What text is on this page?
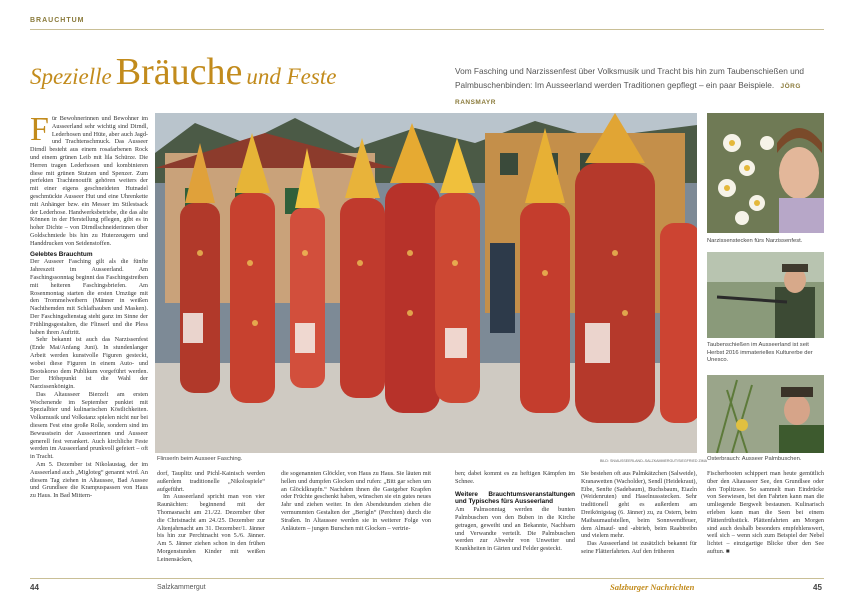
BRAUCHTUM
Spezielle Bräuche und Feste	Vom Fasching und Narzissenfest über Volksmusik und Tracht bis hin zum Taubenschießen und Palmbuschenbinden: Im Ausseerland werden Traditionen gepflegt – ein paar Beispiele. JÖRG RANSMAYR
F ür Bewohnerinnen und Bewohner im Ausseerland sehr wichtig sind Dirndl, Lederhosen und Hüte, aber auch Jagd- und Trachtenschmuck. Das Ausseer Dirndl besteht aus einem rosafarbenen Rock und einem grünen Leib mit lila Schürze. Die Herren tragen Lederhosen und kombinieren diese mit grünen Stutzen und Spenzer. Zum perfekten Trachtenoutfit gehören weiters der mit einer eigens geschneideten Hutnadel geschmückte Ausseer Hut und eine Uhrenkette mit Anhänger bzw. ein Messer im Stilestsack der Lederhose. Handwerksbetriebe, die das alte Können in der Herstellung pflegen, gibt es in hoher Dichte – von Dirndlschneiderinnen über Goldschmiede bis hin zu Huterzeugern und Handdrucken von Seidenstoffen.

Gelebtes Brauchtum

Der Ausseer Fasching gilt als die fünfte Jahreszeit im Ausseerland. Am Faschingssonntag beginnt das Faschingstreiben mit heiteren Faschingsbriefen. Am Rosenmontag starten die ersten Umzüge mit den Trommelweibern (Männer in weißen Nachthemden mit Schlafhauben und Masken). Der Faschingsdienstag steht ganz im Sinne der Frühlingsgestalten, die Flinserl und die Pless haben ihren Auftritt.

Sehr bekannt ist auch das Narzissenfest (Ende Mai/Anfang Juni). In stundenlanger Arbeit werden kunstvolle Figuren gesteckt, wobei diese Figuren in einem Auto- und Bootskorso dem Publikum vorgeführt werden. Der Höhepunkt ist die Wahl der Narzissenkönigin.

Das Altausseer Bierzelt am ersten Wochenende im September punktet mit Spezialbier und kulinarischen Köstlichkeiten. Volksmusik und Volkstanz spielen nicht nur bei diesem Fest eine große Rolle, sondern sind im Bewusstsein der Ausseerinnen und Ausseer generell fest verankert. Auch kirchliche Feste werden im Ausseerland prunkvoll gefeiert – oft in Tracht.

Am 5. Dezember ist Nikolaustag, der im Ausseerland auch „Migloteg“ genannt wird. An diesem Tag ziehen in Altaussee, Bad Aussee und Grundlsee die Krampuspassen von Haus zu Haus. In Bad Mittern-

Flinserln beim Ausseer Fasching.	BILD: SN/AUSSEERLAND–SALZKAMMERGUT/SIEGFRIED ZIMA
Narzissenstecken fürs Narzissenfest.
Taubenschießen im Ausseerland ist seit Herbst 2016 immaterielles Kulturerbe der Unesco.
Osterbrauch: Ausseer Palmbuschen.

dorf, Tauplitz und Pichl-Kainisch werden außerdem traditionelle „Nikolospiele“ aufgeführt.

Im Ausseerland spricht man von vier Raunächten: beginnend mit der Thomasnacht am 21./22. Dezember über die Christnacht am 24./25. Dezember zur Altenjahrnacht am 31. Dezember/1. Jänner bis hin zur Perchtnacht von 5./6. Jänner. Am 5. Jänner ziehen schon in den frühen Morgenstunden Kinder mit weißen Leinensäcken,

die sogenannten Glöckler, von Haus zu Haus. Sie läuten mit hellen und dumpfen Glocken und rufen: „Bitt gar schen um an Glöcklkrapfn.“ Nachdem ihnen die Gastgeber Krapfen oder Früchte geschenkt haben, wünschen sie ein gutes neues Jahr und ziehen weiter. In den Abendstunden ziehen die vermummten Gestalten der „Berigln“ (Perchten) durch die Straßen. In Altaussee werden sie in weiterer Folge von Anläutern – jungen Burschen mit Glocken – vertrie-

ben; dabei kommt es zu heftigen Kämpfen im Schnee.

Weitere Brauchtumsveranstaltungen und Typisches fürs Ausseerland

Am Palmsonntag werden die bunten Palmbuschen von den Buben in die Kirche getragen, geweiht und an Bekannte, Nachbarn und Verwandte verteilt. Die Palmbuschen werden zur Abwehr von Unwetter und Krankheiten in Gärten und Felder gesteckt.

Sie bestehen oft aus Palmkätzchen (Salweide), Kranawetten (Wacholder), Sendl (Heidekraut), Eibe, Senfte (Sadebaum), Buchsbaum, Eiazln (Weidenruten) und Haselnussstecken. Sehr traditionell geht es außerdem am Dreikönigstag (6. Jänner) zu, zu Ostern, beim Maibaumaufstellen, beim Sonnwendfeuer, dem Almauf- und -abtrieb, beim Raabtreibn und vielem mehr.

Das Ausseerland ist zusätzlich bekannt für seine Flätterfahrten. Auf den früheren

Fischerbooten schippert man heute gemütlich über den Altausseer See, den Grundlsee oder den Toplitzsee. So sammelt man Eindrücke von Seewiesen, bei den Fahrten kann man die umliegende Bergwelt bestaunen. Kulinarisch erleben kann man die Seen bei einem Plättenfrühstück. Plättenfahrten am Morgen sind auch deshalb besonders empfehlenswert, weil sich – wenn sich zum Beispiel der Nebel lichtet – einzigartige Blicke über den See auftun. ■

44	Salzkammergut	Salzburger Nachrichten	45
